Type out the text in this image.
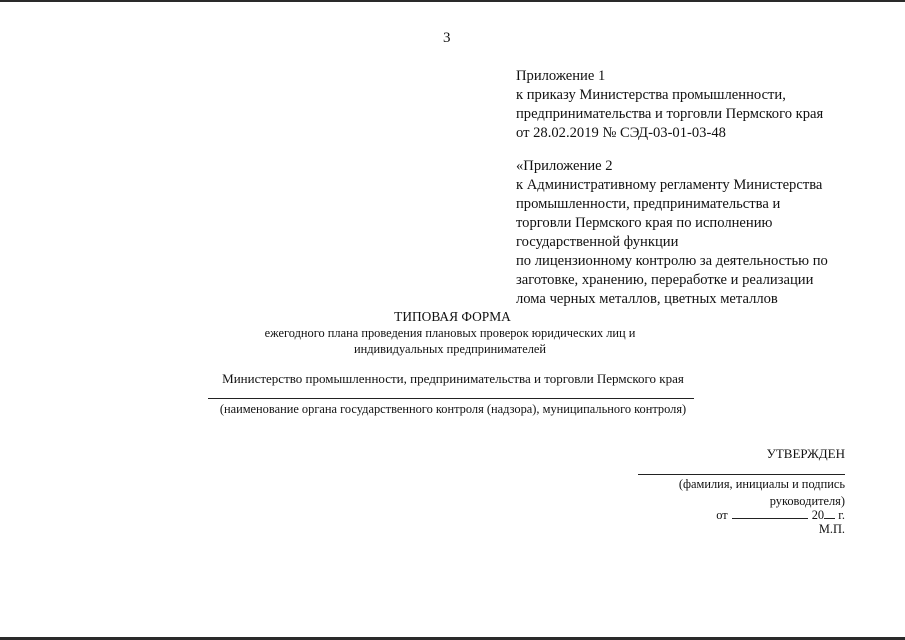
3
Приложение 1
к приказу Министерства промышленности,
предпринимательства и торговли Пермского края
от 28.02.2019 № СЭД-03-01-03-48
«Приложение 2
к Административному регламенту Министерства
промышленности, предпринимательства и
торговли Пермского края по исполнению
государственной функции
по лицензионному контролю за деятельностью по
заготовке, хранению, переработке и реализации
лома черных металлов, цветных металлов
ТИПОВАЯ ФОРМА
ежегодного плана проведения плановых проверок юридических лиц и индивидуальных предпринимателей
Министерство промышленности, предпринимательства и торговли Пермского края
(наименование органа государственного контроля (надзора), муниципального контроля)
УТВЕРЖДЕН
(фамилия, инициалы и подпись руководителя)
от	20 г.
М.П.
